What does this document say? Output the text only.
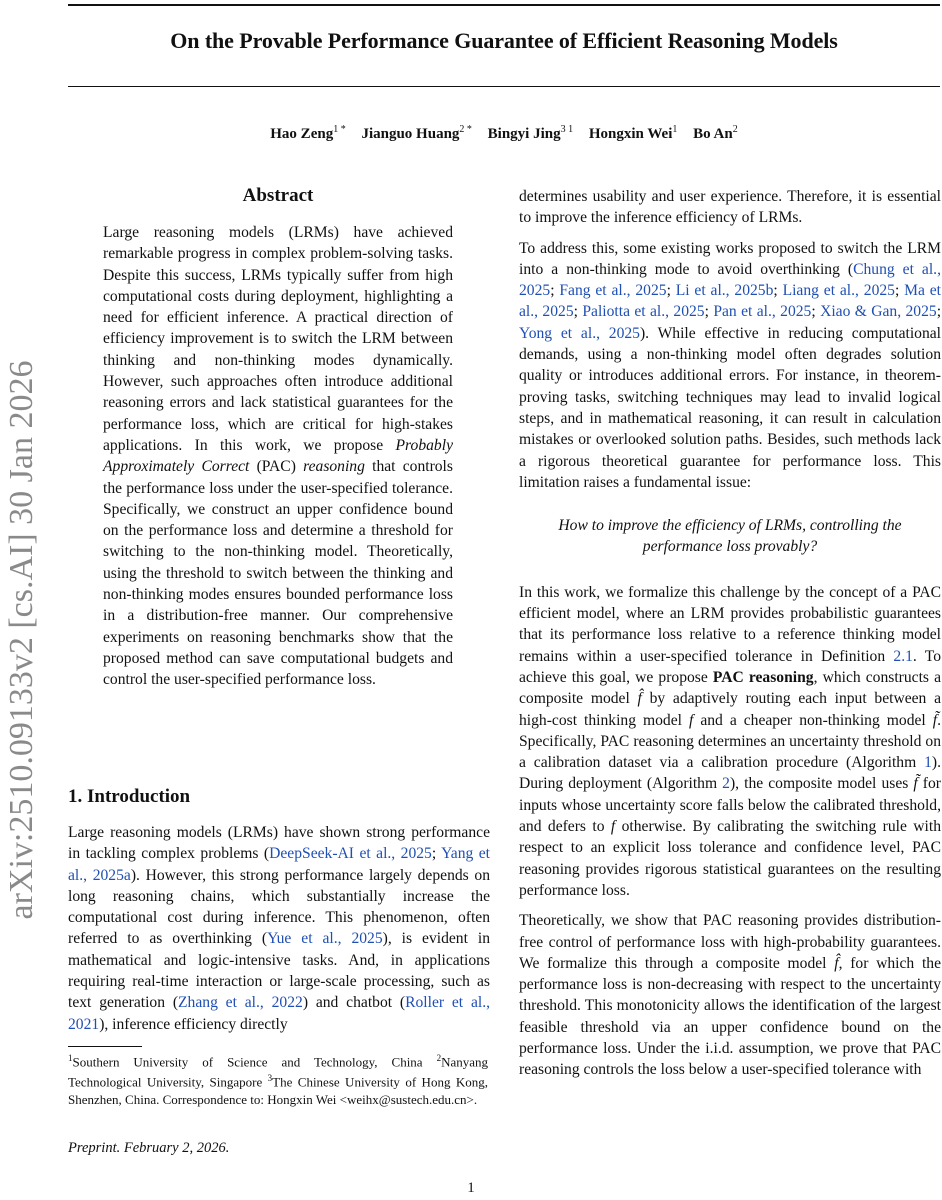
On the Provable Performance Guarantee of Efficient Reasoning Models
Hao Zeng$^{1 *}$ Jianguo Huang$^{2 *}$ Bingyi Jing$^{3 1}$ Hongxin Wei$^1$ Bo An$^2$
arXiv:2510.09133v2 [cs.AI] 30 Jan 2026
Abstract
Large reasoning models (LRMs) have achieved remarkable progress in complex problem-solving tasks. Despite this success, LRMs typically suffer from high computational costs during deployment, highlighting a need for efficient inference. A practical direction of efficiency improvement is to switch the LRM between thinking and non-thinking modes dynamically. However, such approaches often introduce additional reasoning errors and lack statistical guarantees for the performance loss, which are critical for high-stakes applications. In this work, we propose Probably Approximately Correct (PAC) reasoning that controls the performance loss under the user-specified tolerance. Specifically, we construct an upper confidence bound on the performance loss and determine a threshold for switching to the non-thinking model. Theoretically, using the threshold to switch between the thinking and non-thinking modes ensures bounded performance loss in a distribution-free manner. Our comprehensive experiments on reasoning benchmarks show that the proposed method can save computational budgets and control the user-specified performance loss.
1. Introduction
Large reasoning models (LRMs) have shown strong performance in tackling complex problems (DeepSeek-AI et al., 2025; Yang et al., 2025a). However, this strong performance largely depends on long reasoning chains, which substantially increase the computational cost during inference. This phenomenon, often referred to as overthinking (Yue et al., 2025), is evident in mathematical and logic-intensive tasks. And, in applications requiring real-time interaction or large-scale processing, such as text generation (Zhang et al., 2022) and chatbot (Roller et al., 2021), inference efficiency directly
$^1$Southern University of Science and Technology, China $^2$Nanyang Technological University, Singapore $^3$The Chinese University of Hong Kong, Shenzhen, China. Correspondence to: Hongxin Wei <weihx@sustech.edu.cn>.
Preprint. February 2, 2026.
1

determines usability and user experience. Therefore, it is essential to improve the inference efficiency of LRMs.

To address this, some existing works proposed to switch the LRM into a non-thinking mode to avoid overthinking (Chung et al., 2025; Fang et al., 2025; Li et al., 2025b; Liang et al., 2025; Ma et al., 2025; Paliotta et al., 2025; Pan et al., 2025; Xiao & Gan, 2025; Yong et al., 2025). While effective in reducing computational demands, using a non-thinking model often degrades solution quality or introduces additional errors. For instance, in theorem-proving tasks, switching techniques may lead to invalid logical steps, and in mathematical reasoning, it can result in calculation mistakes or overlooked solution paths. Besides, such methods lack a rigorous theoretical guarantee for performance loss. This limitation raises a fundamental issue:

How to improve the efficiency of LRMs, controlling the performance loss provably?

In this work, we formalize this challenge by the concept of a PAC efficient model, where an LRM provides probabilistic guarantees that its performance loss relative to a reference thinking model remains within a user-specified tolerance in Definition 2.1. To achieve this goal, we propose PAC reasoning, which constructs a composite model f̂ by adaptively routing each input between a high-cost thinking model f and a cheaper non-thinking model f̃. Specifically, PAC reasoning determines an uncertainty threshold on a calibration dataset via a calibration procedure (Algorithm 1). During deployment (Algorithm 2), the composite model uses f̃ for inputs whose uncertainty score falls below the calibrated threshold, and defers to f otherwise. By calibrating the switching rule with respect to an explicit loss tolerance and confidence level, PAC reasoning provides rigorous statistical guarantees on the resulting performance loss.

Theoretically, we show that PAC reasoning provides distribution-free control of performance loss with high-probability guarantees. We formalize this through a composite model f̂, for which the performance loss is non-decreasing with respect to the uncertainty threshold. This monotonicity allows the identification of the largest feasible threshold via an upper confidence bound on the performance loss. Under the i.i.d. assumption, we prove that PAC reasoning controls the loss below a user-specified tolerance with
